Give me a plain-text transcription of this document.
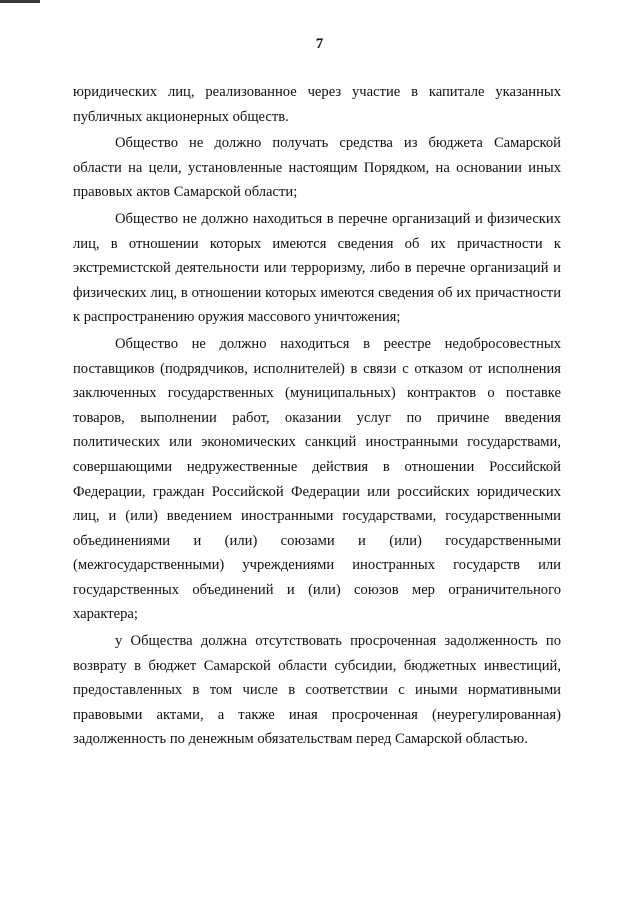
7

юридических лиц, реализованное через участие в капитале указанных публичных акционерных обществ.

Общество не должно получать средства из бюджета Самарской области на цели, установленные настоящим Порядком, на основании иных правовых актов Самарской области;

Общество не должно находиться в перечне организаций и физических лиц, в отношении которых имеются сведения об их причастности к экстремистской деятельности или терроризму, либо в перечне организаций и физических лиц, в отношении которых имеются сведения об их причастности к распространению оружия массового уничтожения;

Общество не должно находиться в реестре недобросовестных поставщиков (подрядчиков, исполнителей) в связи с отказом от исполнения заключенных государственных (муниципальных) контрактов о поставке товаров, выполнении работ, оказании услуг по причине введения политических или экономических санкций иностранными государствами, совершающими недружественные действия в отношении Российской Федерации, граждан Российской Федерации или российских юридических лиц, и (или) введением иностранными государствами, государственными объединениями и (или) союзами и (или) государственными (межгосударственными) учреждениями иностранных государств или государственных объединений и (или) союзов мер ограничительного характера;

у Общества должна отсутствовать просроченная задолженность по возврату в бюджет Самарской области субсидии, бюджетных инвестиций, предоставленных в том числе в соответствии с иными нормативными правовыми актами, а также иная просроченная (неурегулированная) задолженность по денежным обязательствам перед Самарской областью.
